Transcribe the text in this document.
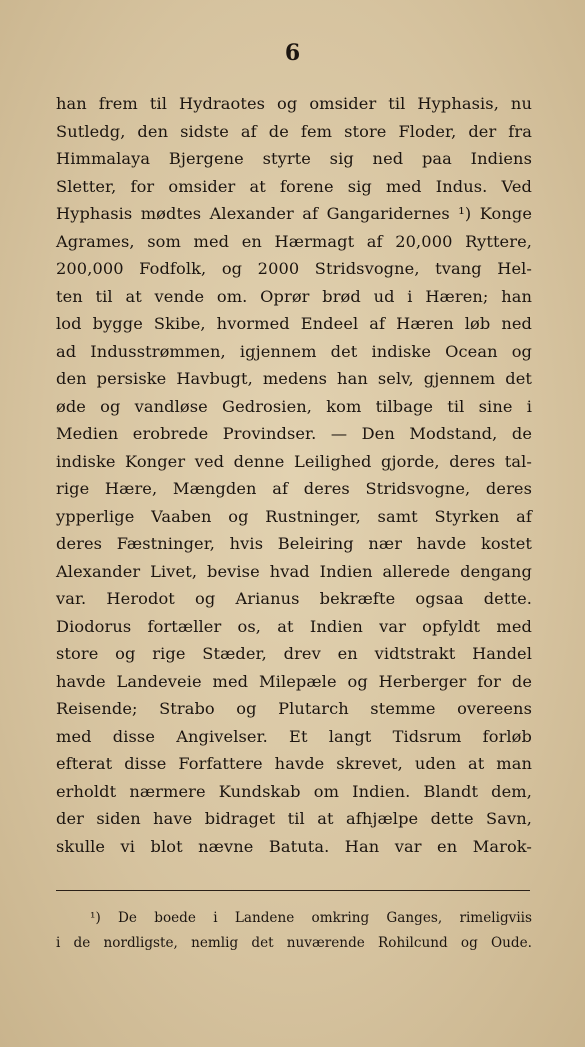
6
han frem til Hydraotes og omsider til Hyphasis, nu
Sutledg, den sidste af de fem store Floder, der fra
Himmalaya Bjergene styrte sig ned paa Indiens
Sletter, for omsider at forene sig med Indus. Ved
Hyphasis mødtes Alexander af Gangaridernes ¹) Konge
Agrames, som med en Hærmagt af 20,000 Ryttere,
200,000 Fodfolk, og 2000 Stridsvogne, tvang Hel-
ten til at vende om. Oprør brød ud i Hæren; han
lod bygge Skibe, hvormed Endeel af Hæren løb ned
ad Indusstrømmen, igjennem det indiske Ocean og
den persiske Havbugt, medens han selv, gjennem det
øde og vandløse Gedrosien, kom tilbage til sine i
Medien erobrede Provindser. — Den Modstand, de
indiske Konger ved denne Leilighed gjorde, deres tal-
rige Hære, Mængden af deres Stridsvogne, deres
ypperlige Vaaben og Rustninger, samt Styrken af
deres Fæstninger, hvis Beleiring nær havde kostet
Alexander Livet, bevise hvad Indien allerede dengang
var. Herodot og Arianus bekræfte ogsaa dette.
Diodorus fortæller os, at Indien var opfyldt med
store og rige Stæder, drev en vidtstrakt Handel
havde Landeveie med Milepæle og Herberger for de
Reisende; Strabo og Plutarch stemme overeens
med disse Angivelser. Et langt Tidsrum forløb
efterat disse Forfattere havde skrevet, uden at man
erholdt nærmere Kundskab om Indien. Blandt dem,
der siden have bidraget til at afhjælpe dette Savn,
skulle vi blot nævne Batuta. Han var en Marok-
¹) De boede i Landene omkring Ganges, rimeligviis
i de nordligste, nemlig det nuværende Rohilcund og Oude.
